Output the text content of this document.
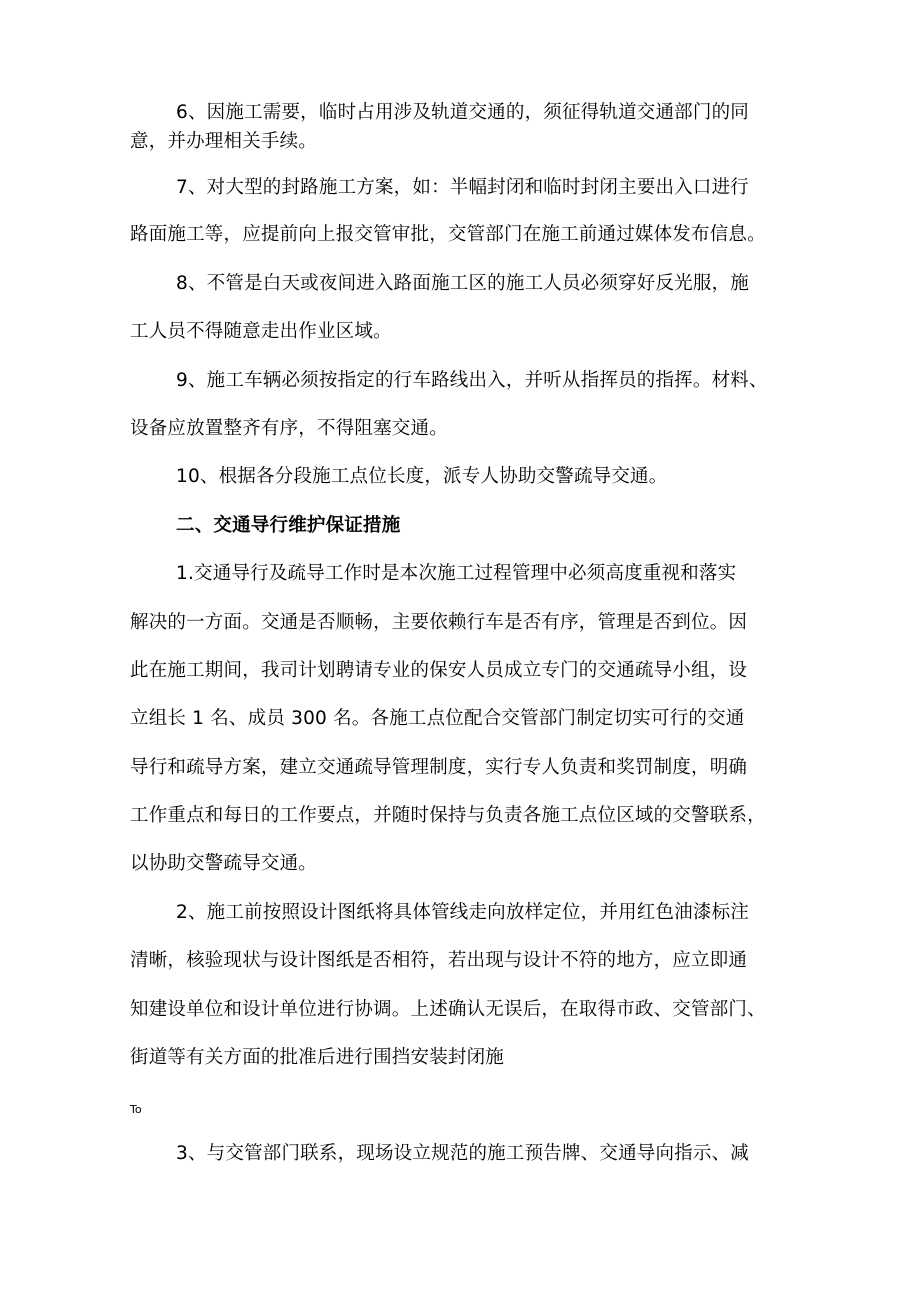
6、因施工需要，临时占用涉及轨道交通的，须征得轨道交通部门的同
意，并办理相关手续。
7、对大型的封路施工方案，如：半幅封闭和临时封闭主要出入口进行
路面施工等，应提前向上报交管审批，交管部门在施工前通过媒体发布信息。
8、不管是白天或夜间进入路面施工区的施工人员必须穿好反光服，施
工人员不得随意走出作业区域。
9、施工车辆必须按指定的行车路线出入，并听从指挥员的指挥。材料、
设备应放置整齐有序，不得阻塞交通。
10、根据各分段施工点位长度，派专人协助交警疏导交通。
二、交通导行维护保证措施
1.交通导行及疏导工作时是本次施工过程管理中必须高度重视和落实
解决的一方面。交通是否顺畅，主要依赖行车是否有序，管理是否到位。因
此在施工期间，我司计划聘请专业的保安人员成立专门的交通疏导小组，设
立组长 1 名、成员 300 名。各施工点位配合交管部门制定切实可行的交通
导行和疏导方案，建立交通疏导管理制度，实行专人负责和奖罚制度，明确
工作重点和每日的工作要点，并随时保持与负责各施工点位区域的交警联系，
以协助交警疏导交通。
2、施工前按照设计图纸将具体管线走向放样定位，并用红色油漆标注
清晰，核验现状与设计图纸是否相符，若出现与设计不符的地方，应立即通
知建设单位和设计单位进行协调。上述确认无误后，在取得市政、交管部门、
街道等有关方面的批准后进行围挡安装封闭施
To
3、与交管部门联系，现场设立规范的施工预告牌、交通导向指示、减
